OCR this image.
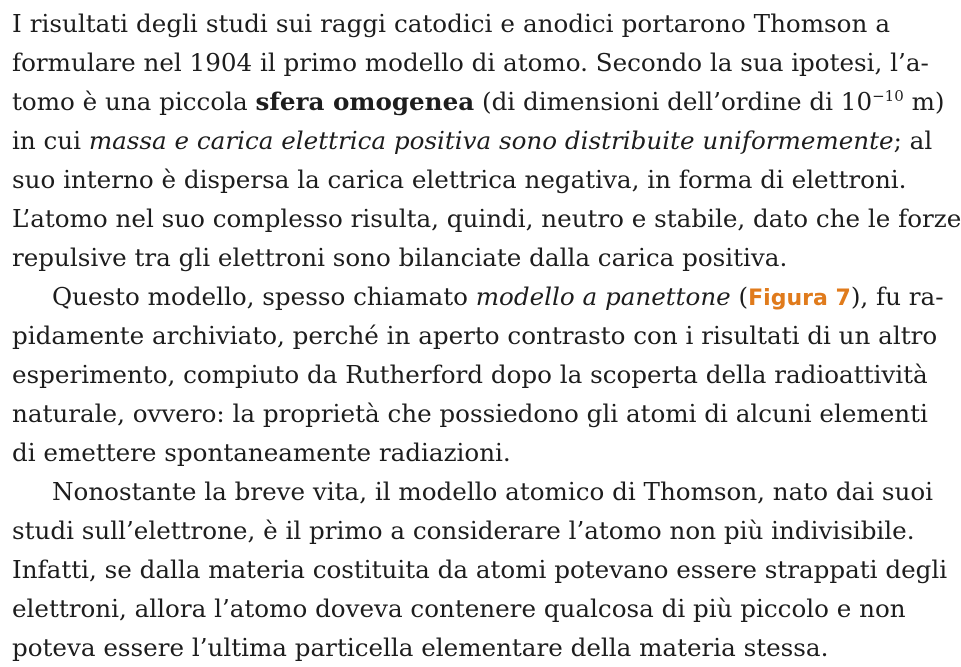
I risultati degli studi sui raggi catodici e anodici portarono Thomson a
formulare nel 1904 il primo modello di atomo. Secondo la sua ipotesi, l’a-
tomo è una piccola sfera omogenea (di dimensioni dell’ordine di $10^{-10}$ m)
in cui massa e carica elettrica positiva sono distribuite uniformemente; al
suo interno è dispersa la carica elettrica negativa, in forma di elettroni.
L’atomo nel suo complesso risulta, quindi, neutro e stabile, dato che le forze
repulsive tra gli elettroni sono bilanciate dalla carica positiva.
Questo modello, spesso chiamato modello a panettone (Figura 7), fu ra-
pidamente archiviato, perché in aperto contrasto con i risultati di un altro
esperimento, compiuto da Rutherford dopo la scoperta della radioattività
naturale, ovvero: la proprietà che possiedono gli atomi di alcuni elementi
di emettere spontaneamente radiazioni.
Nonostante la breve vita, il modello atomico di Thomson, nato dai suoi
studi sull’elettrone, è il primo a considerare l’atomo non più indivisibile.
Infatti, se dalla materia costituita da atomi potevano essere strappati degli
elettroni, allora l’atomo doveva contenere qualcosa di più piccolo e non
poteva essere l’ultima particella elementare della materia stessa.
